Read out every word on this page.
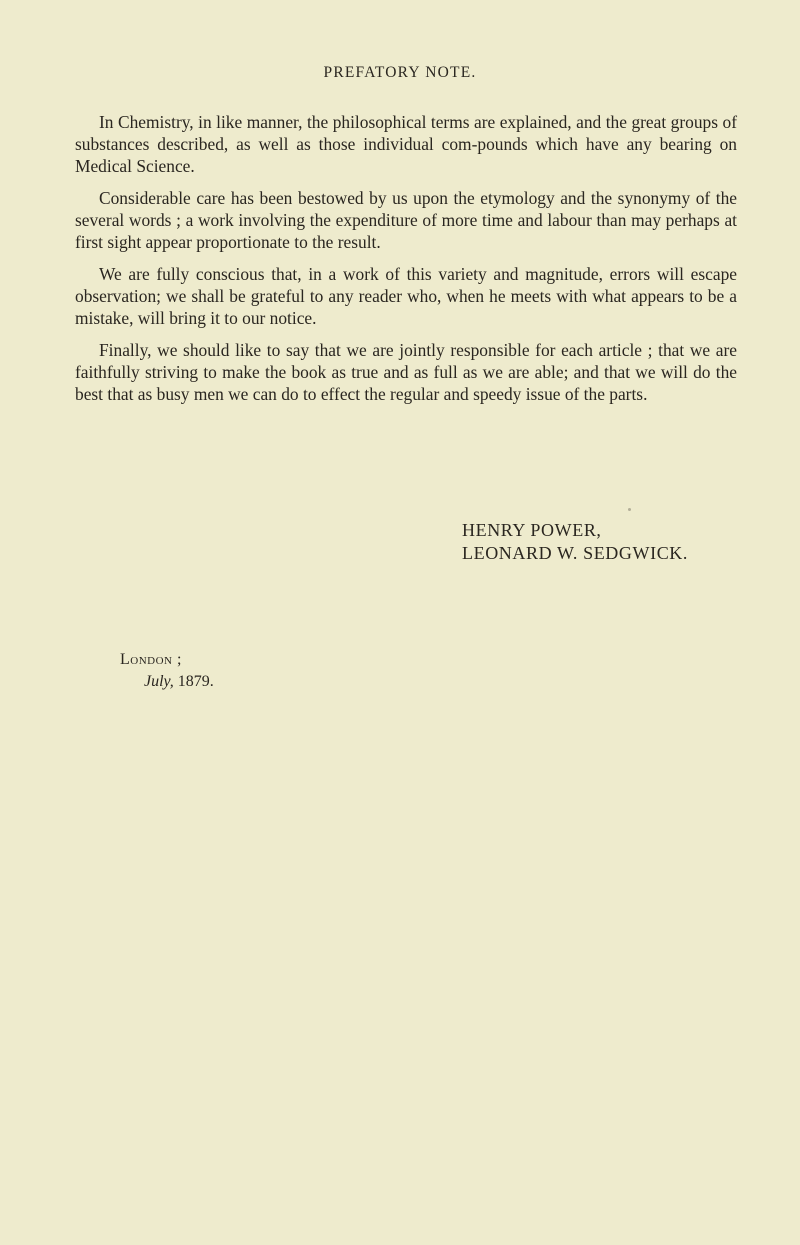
PREFATORY NOTE.

In Chemistry, in like manner, the philosophical terms are explained, and the great groups of substances described, as well as those individual com-pounds which have any bearing on Medical Science.

Considerable care has been bestowed by us upon the etymology and the synonymy of the several words ; a work involving the expenditure of more time and labour than may perhaps at first sight appear proportionate to the result.

We are fully conscious that, in a work of this variety and magnitude, errors will escape observation; we shall be grateful to any reader who, when he meets with what appears to be a mistake, will bring it to our notice.

Finally, we should like to say that we are jointly responsible for each article ; that we are faithfully striving to make the book as true and as full as we are able; and that we will do the best that as busy men we can do to effect the regular and speedy issue of the parts.

HENRY POWER,
LEONARD W. SEDGWICK.
London ;
July, 1879.
